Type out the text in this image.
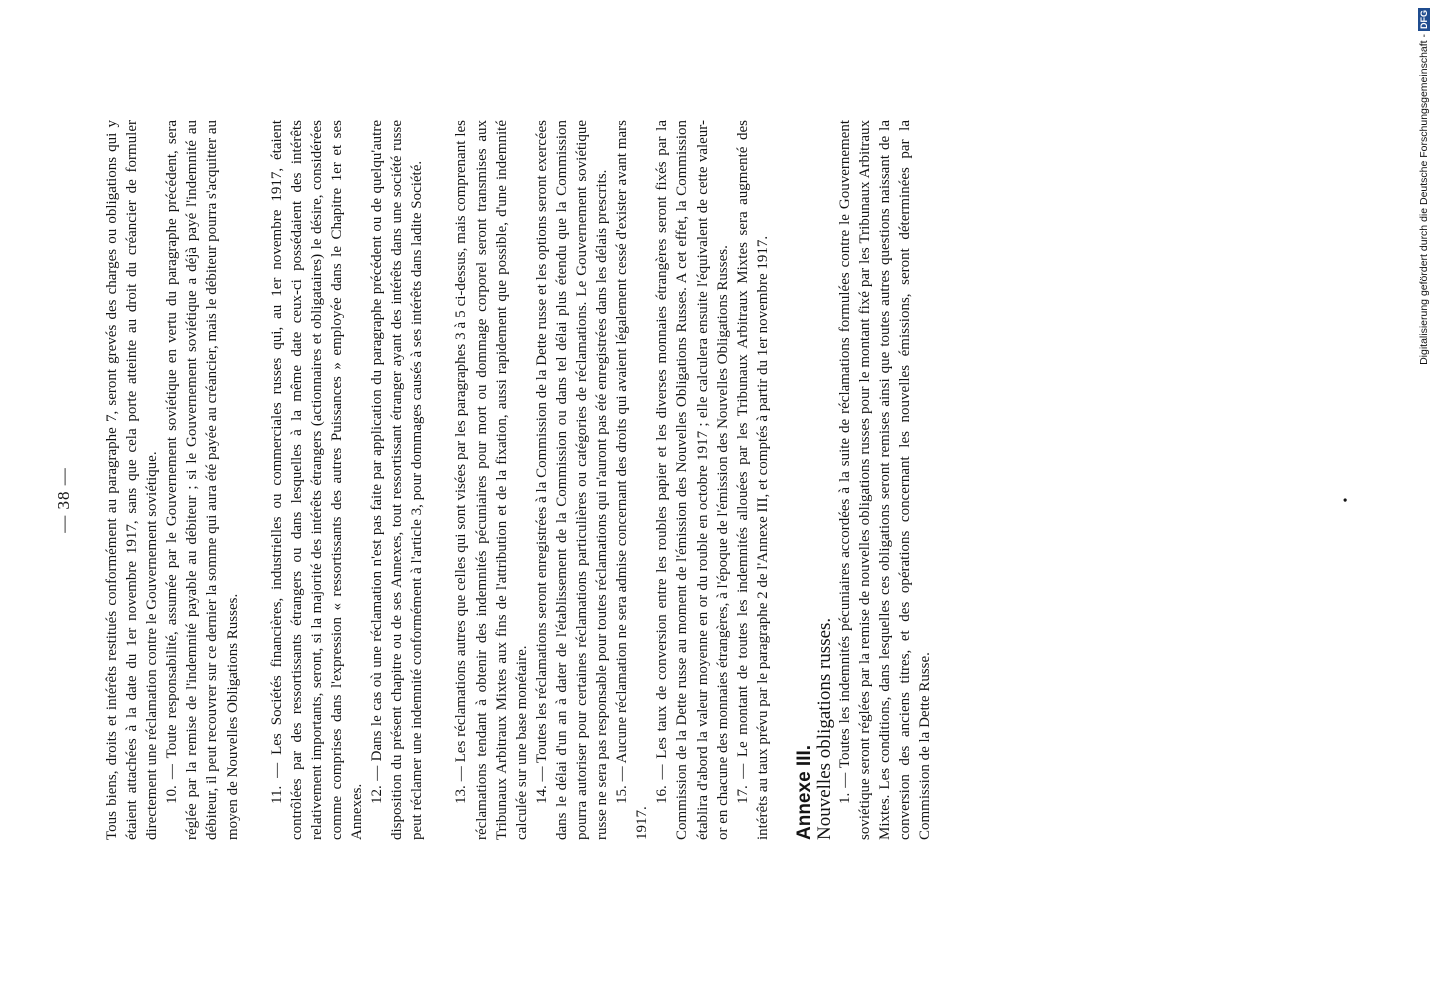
— 38 — Tous biens, droits et intérêts restitués conformément au paragraphe 7, seront grevés des charges ou obligations qui y étaient attachées à la date du 1er novembre 1917, sans que cela porte atteinte au droit du créancier de formuler directement une réclamation contre le Gouvernement soviétique. 10. — Toute responsabilité, assumée par le Gouvernement soviétique en vertu du paragraphe précédent, sera réglée par la remise de l'indemnité payable au débiteur ; si le Gouvernement soviétique a déjà payé l'indemnité au débiteur, il peut recouvrer sur ce dernier la somme qui aura été payée au créancier, mais le débiteur pourra s'acquitter au moyen de Nouvelles Obligations Russes. 11. — Les Sociétés financières, industrielles ou commerciales russes qui, au 1er novembre 1917, étaient contrôlées par des ressortissants étrangers ou dans lesquelles à la même date ceux-ci possédaient des intérêts relativement importants, seront, si la majorité des intérêts étrangers (actionnaires et obligataires) le désire, considérées comme comprises dans l'expression « ressortissants des autres Puissances » employée dans le Chapitre 1er et ses Annexes.

12. — Dans le cas où une réclamation n'est pas faite par application du paragraphe précédent ou de quelqu'autre disposition du présent chapitre ou de ses Annexes, tout ressortissant étranger ayant des intérêts dans une société russe peut réclamer une indemnité conformément à l'article 3, pour dommages causés à ses intérêts dans ladite Société. 13. — Les réclamations autres que celles qui sont visées par les paragraphes 3 à 5 ci-dessus, mais comprenant les réclamations tendant à obtenir des indemnités pécuniaires pour mort ou dommage corporel seront transmises aux Tribunaux Arbitraux Mixtes aux fins de l'attribution et de la fixation, aussi rapidement que possible, d'une indemnité calculée sur une base monétaire. 14. — Toutes les réclamations seront enregistrées à la Commission de la Dette russe et les options seront exercées dans le délai d'un an à dater de l'établissement de la Commission ou dans tel délai plus étendu que la Commission pourra autoriser pour certaines réclamations particulières ou catégories de réclamations. Le Gouvernement soviétique russe ne sera pas responsable pour toutes réclamations qui n'auront pas été enregistrées dans les délais prescrits. 15. — Aucune réclamation ne sera admise concernant des droits qui avaient légalement cessé d'exister avant mars 1917.

16. — Les taux de conversion entre les roubles papier et les diverses monnaies étrangères seront fixés par la Commission de la Dette russe au moment de l'émission des Nouvelles Obligations Russes. A cet effet, la Commission établira d'abord la valeur moyenne en or du rouble en octobre 1917 ; elle calculera ensuite l'équivalent de cette valeur-or en chacune des monnaies étrangères, à l'époque de l'émission des Nouvelles Obligations Russes. 17. — Le montant de toutes les indemnités allouées par les Tribunaux Arbitraux Mixtes sera augmenté des intérêts au taux prévu par le paragraphe 2 de l'Annexe III, et comptés à partir du 1er novembre 1917. Annexe III. Nouvelles obligations russes. 1. — Toutes les indemnités pécuniaires accordées à la suite de réclamations formulées contre le Gouvernement soviétique seront réglées par la remise de nouvelles obligations russes pour le montant fixé par les Tribunaux Arbitraux Mixtes. Les conditions, dans lesquelles ces obligations seront remises ainsi que toutes autres questions naissant de la conversion des anciens titres, et des opérations concernant les nouvelles émissions, seront déterminées par la Commission de la Dette Russe.

•
Digitalisierung gefördert durch die Deutsche Forschungsgemeinschaft -
DFG
